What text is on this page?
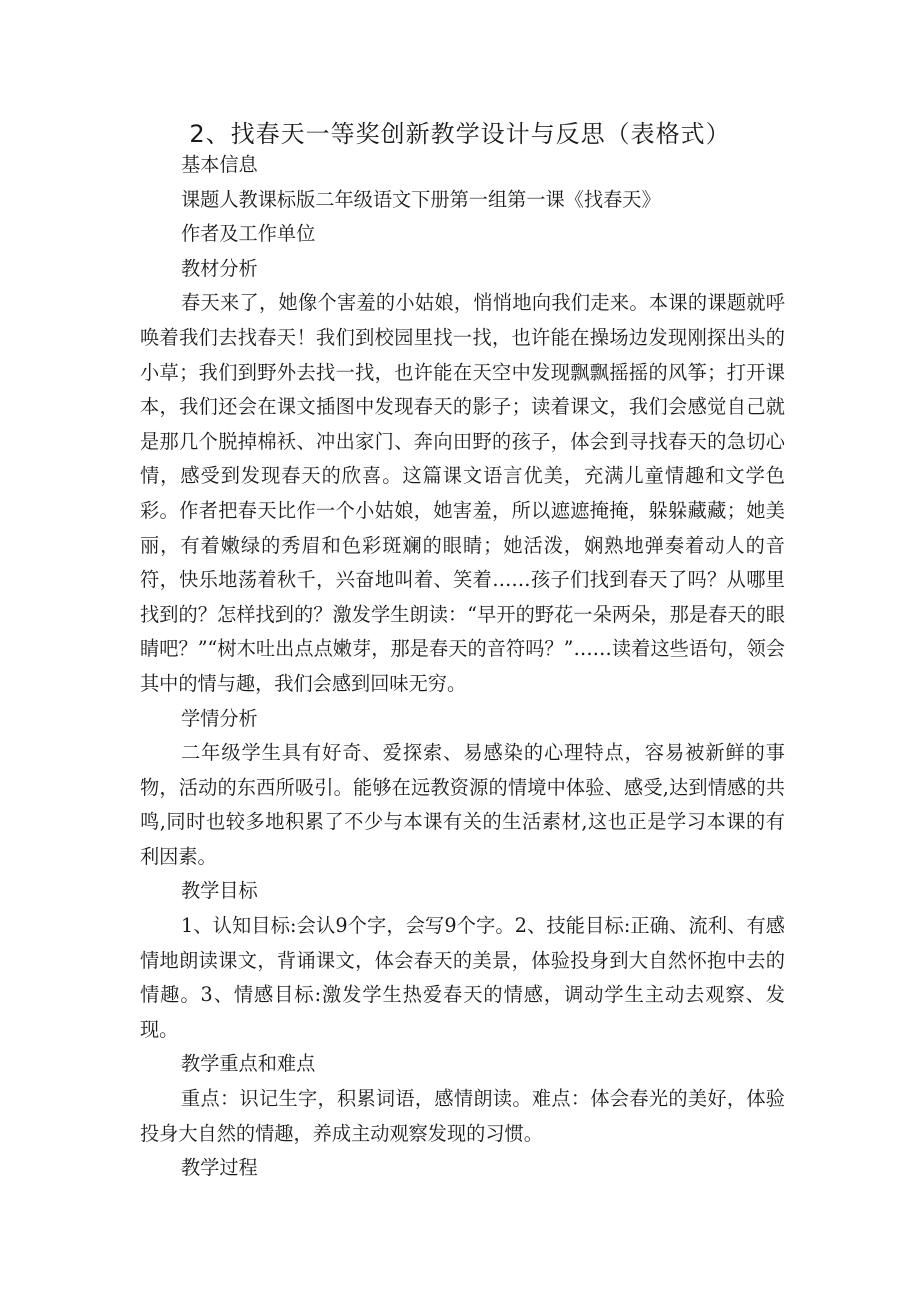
2、找春天一等奖创新教学设计与反思（表格式）

基本信息

课题人教课标版二年级语文下册第一组第一课《找春天》

作者及工作单位

教材分析

春天来了，她像个害羞的小姑娘，悄悄地向我们走来。本课的课题就呼唤着我们去找春天！我们到校园里找一找，也许能在操场边发现刚探出头的小草；我们到野外去找一找，也许能在天空中发现飘飘摇摇的风筝；打开课本，我们还会在课文插图中发现春天的影子；读着课文，我们会感觉自己就是那几个脱掉棉袄、冲出家门、奔向田野的孩子，体会到寻找春天的急切心情，感受到发现春天的欣喜。这篇课文语言优美，充满儿童情趣和文学色彩。作者把春天比作一个小姑娘，她害羞，所以遮遮掩掩，躲躲藏藏；她美丽，有着嫩绿的秀眉和色彩斑斓的眼睛；她活泼，娴熟地弹奏着动人的音符，快乐地荡着秋千，兴奋地叫着、笑着……孩子们找到春天了吗？从哪里找到的？怎样找到的？激发学生朗读：“早开的野花一朵两朵，那是春天的眼睛吧？”“树木吐出点点嫩芽，那是春天的音符吗？”……读着这些语句，领会其中的情与趣，我们会感到回味无穷。

学情分析

二年级学生具有好奇、爱探索、易感染的心理特点，容易被新鲜的事物，活动的东西所吸引。能够在远教资源的情境中体验、感受,达到情感的共鸣,同时也较多地积累了不少与本课有关的生活素材,这也正是学习本课的有利因素。

教学目标

1、认知目标:会认9个字，会写9个字。2、技能目标:正确、流利、有感情地朗读课文，背诵课文，体会春天的美景，体验投身到大自然怀抱中去的情趣。3、情感目标:激发学生热爱春天的情感，调动学生主动去观察、发现。

教学重点和难点

重点：识记生字，积累词语，感情朗读。难点：体会春光的美好，体验投身大自然的情趣，养成主动观察发现的习惯。

教学过程
